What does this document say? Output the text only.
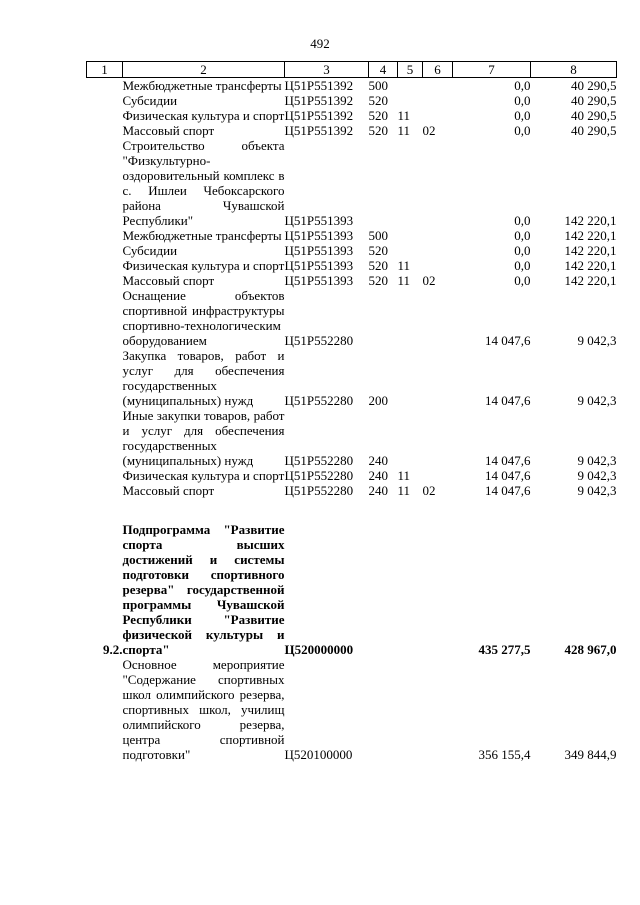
492
1	2	3	4	5	6	7	8
	Межбюджетные трансферты	Ц51Р551392	500			0,0	40 290,5
	Субсидии	Ц51Р551392	520			0,0	40 290,5
	Физическая культура и спорт	Ц51Р551392	520	11		0,0	40 290,5
	Массовый спорт	Ц51Р551392	520	11	02	0,0	40 290,5
	Строительство объекта "Физкультурно-оздоровительный комплекс в с. Ишлеи Чебоксарского района Чувашской Республики"	Ц51Р551393				0,0	142 220,1
	Межбюджетные трансферты	Ц51Р551393	500			0,0	142 220,1
	Субсидии	Ц51Р551393	520			0,0	142 220,1
	Физическая культура и спорт	Ц51Р551393	520	11		0,0	142 220,1
	Массовый спорт	Ц51Р551393	520	11	02	0,0	142 220,1
	Оснащение объектов спортивной инфраструктуры спортивно-технологическим оборудованием	Ц51Р552280				14 047,6	9 042,3
	Закупка товаров, работ и услуг для обеспечения государственных (муниципальных) нужд	Ц51Р552280	200			14 047,6	9 042,3
	Иные закупки товаров, работ и услуг для обеспечения государственных (муниципальных) нужд	Ц51Р552280	240			14 047,6	9 042,3
	Физическая культура и спорт	Ц51Р552280	240	11		14 047,6	9 042,3
	Массовый спорт	Ц51Р552280	240	11	02	14 047,6	9 042,3

9.2.	Подпрограмма "Развитие спорта высших достижений и системы подготовки спортивного резерва" государственной программы Чувашской Республики "Развитие физической культуры и спорта"	Ц520000000				435 277,5	428 967,0
	Основное мероприятие "Содержание спортивных школ олимпийского резерва, спортивных школ, училищ олимпийского резерва, центра спортивной подготовки"	Ц520100000				356 155,4	349 844,9
